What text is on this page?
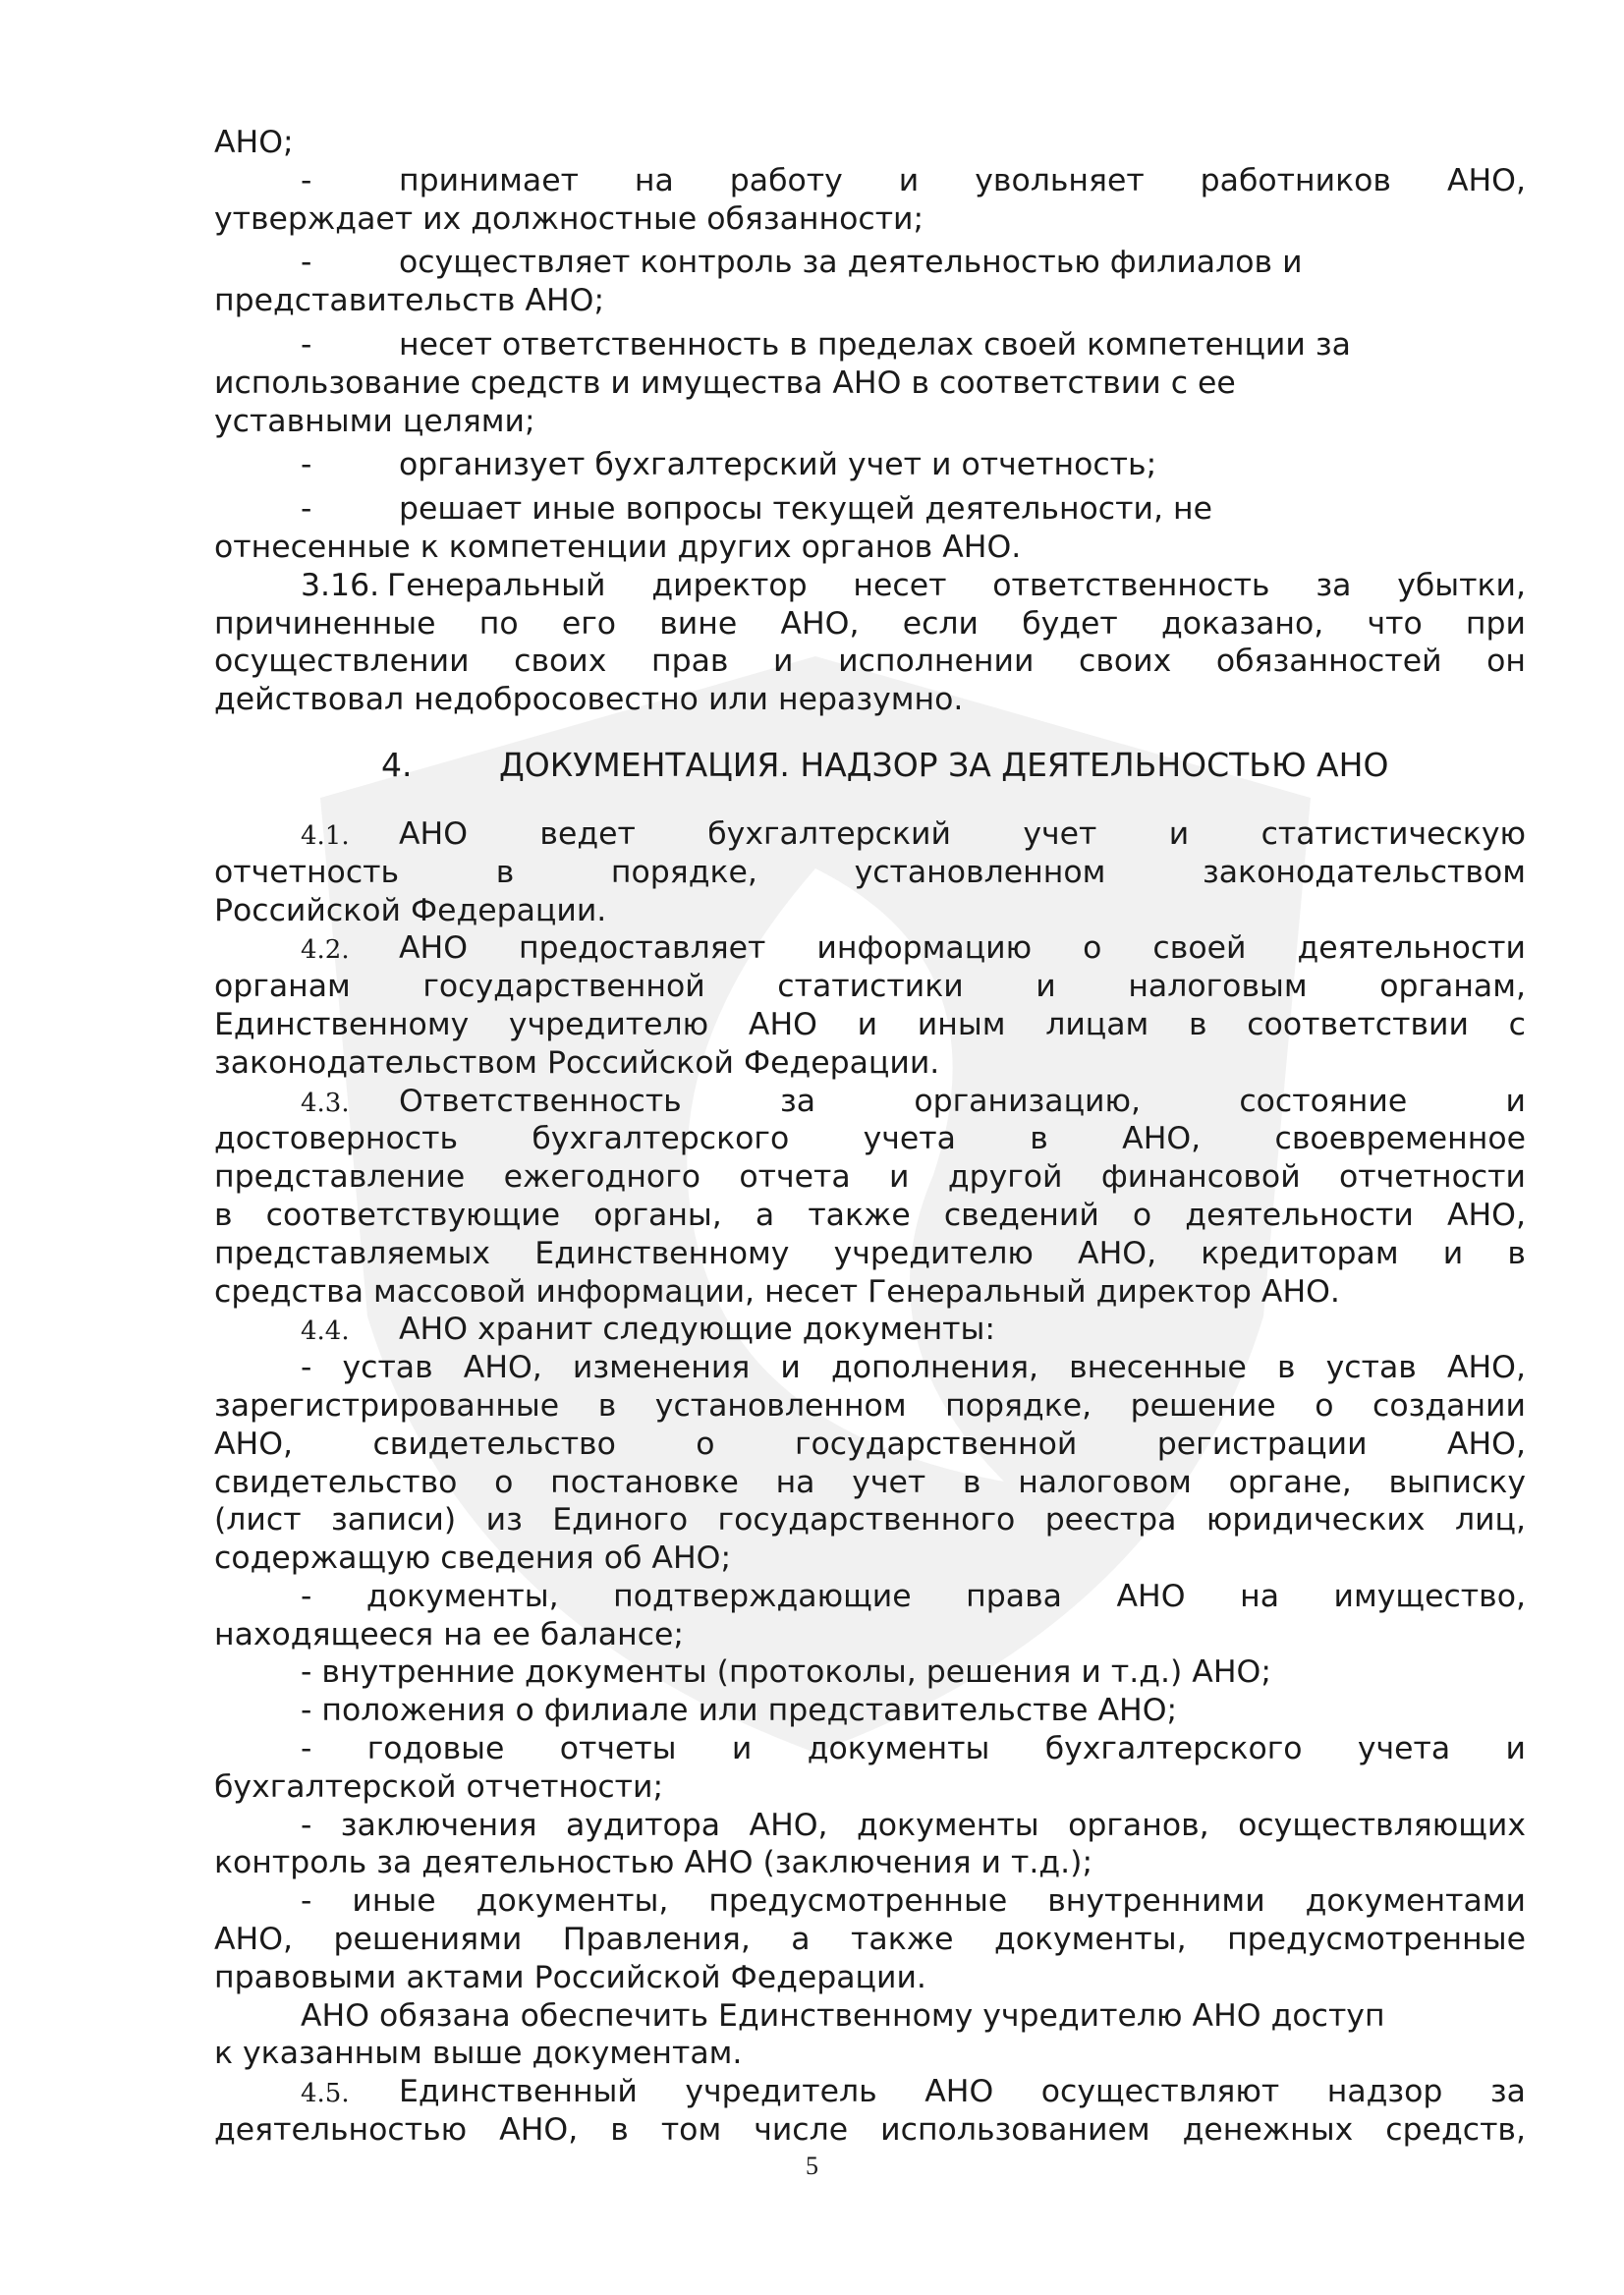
АНО;
-	принимает на работу и увольняет работников АНО,
утверждает их должностные обязанности;
-	осуществляет контроль за деятельностью филиалов и
представительств АНО;
-	несет ответственность в пределах своей компетенции за
использование средств и имущества АНО в соответствии с ее
уставными целями;
-	организует бухгалтерский учет и отчетность;
-	решает иные вопросы текущей деятельности, не
отнесенные к компетенции других органов АНО.
3.16. Генеральный директор несет ответственность за убытки,
причиненные по его вине АНО, если будет доказано, что при
осуществлении своих прав и исполнении своих обязанностей он
действовал недобросовестно или неразумно.
4.	ДОКУМЕНТАЦИЯ. НАДЗОР ЗА ДЕЯТЕЛЬНОСТЬЮ АНО
4.1. АНО ведет бухгалтерский учет и статистическую
отчетность в порядке, установленном законодательством
Российской Федерации.
4.2. АНО предоставляет информацию о своей деятельности
органам государственной статистики и налоговым органам,
Единственному учредителю АНО и иным лицам в соответствии с
законодательством Российской Федерации.
4.3. Ответственность за организацию, состояние и
достоверность бухгалтерского учета в АНО, своевременное
представление ежегодного отчета и другой финансовой отчетности
в соответствующие органы, а также сведений о деятельности АНО,
представляемых Единственному учредителю АНО, кредиторам и в
средства массовой информации, несет Генеральный директор АНО.
4.4. АНО хранит следующие документы:
- устав АНО, изменения и дополнения, внесенные в устав АНО,
зарегистрированные в установленном порядке, решение о создании
АНО, свидетельство о государственной регистрации АНО,
свидетельство о постановке на учет в налоговом органе, выписку
(лист записи) из Единого государственного реестра юридических лиц,
содержащую сведения об АНО;
- документы, подтверждающие права АНО на имущество,
находящееся на ее балансе;
- внутренние документы (протоколы, решения и т.д.) АНО;
- положения о филиале или представительстве АНО;
- годовые отчеты и документы бухгалтерского учета и
бухгалтерской отчетности;
- заключения аудитора АНО, документы органов, осуществляющих
контроль за деятельностью АНО (заключения и т.д.);
- иные документы, предусмотренные внутренними документами
АНО, решениями Правления, а также документы, предусмотренные
правовыми актами Российской Федерации.
АНО обязана обеспечить Единственному учредителю АНО доступ
к указанным выше документам.
4.5. Единственный учредитель АНО осуществляют надзор за
деятельностью АНО, в том числе использованием денежных средств,
5
